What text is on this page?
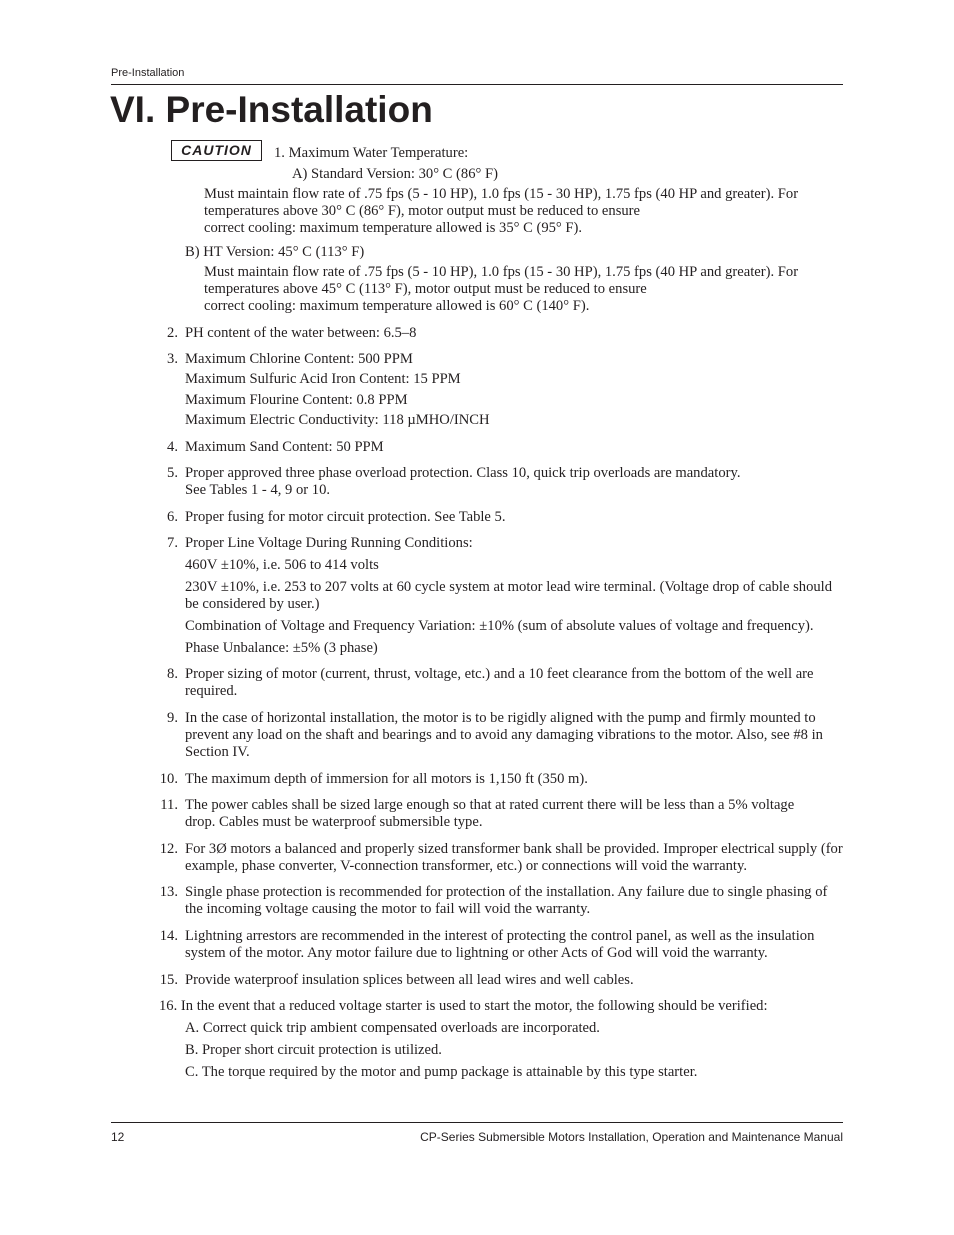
Pre-Installation
VI. Pre-Installation
CAUTION	1. Maximum Water Temperature:
A) Standard Version: 30° C (86° F)
Must maintain flow rate of .75 fps (5 - 10 HP), 1.0 fps (15 - 30 HP), 1.75 fps (40 HP and greater). For temperatures above 30° C (86° F), motor output must be reduced to ensure
correct cooling: maximum temperature allowed is 35° C (95° F).
B) HT Version: 45° C (113° F)
Must maintain flow rate of .75 fps (5 - 10 HP), 1.0 fps (15 - 30 HP), 1.75 fps (40 HP and greater). For temperatures above 45° C (113° F), motor output must be reduced to ensure
correct cooling: maximum temperature allowed is 60° C (140° F).
2. PH content of the water between: 6.5–8
3. Maximum Chlorine Content: 500 PPM
Maximum Sulfuric Acid Iron Content: 15 PPM
Maximum Flourine Content: 0.8 PPM
Maximum Electric Conductivity: 118 µMHO/INCH
4. Maximum Sand Content: 50 PPM
5. Proper approved three phase overload protection. Class 10, quick trip overloads are mandatory.
See Tables 1 - 4, 9 or 10.
6. Proper fusing for motor circuit protection. See Table 5.
7. Proper Line Voltage During Running Conditions:
460V ±10%, i.e. 506 to 414 volts
230V ±10%, i.e. 253 to 207 volts at 60 cycle system at motor lead wire terminal. (Voltage drop of cable should be considered by user.)
Combination of Voltage and Frequency Variation: ±10% (sum of absolute values of voltage and frequency).
Phase Unbalance: ±5% (3 phase)
8. Proper sizing of motor (current, thrust, voltage, etc.) and a 10 feet clearance from the bottom of the well are required.
9. In the case of horizontal installation, the motor is to be rigidly aligned with the pump and firmly mounted to prevent any load on the shaft and bearings and to avoid any damaging vibrations to the motor. Also, see #8 in Section IV.
10. The maximum depth of immersion for all motors is 1,150 ft (350 m).
11. The power cables shall be sized large enough so that at rated current there will be less than a 5% voltage drop. Cables must be waterproof submersible type.
12. For 3Ø motors a balanced and properly sized transformer bank shall be provided. Improper electrical supply (for example, phase converter, V-connection transformer, etc.) or connections will void the warranty.
13. Single phase protection is recommended for protection of the installation. Any failure due to single phasing of the incoming voltage causing the motor to fail will void the warranty.
14. Lightning arrestors are recommended in the interest of protecting the control panel, as well as the insulation system of the motor. Any motor failure due to lightning or other Acts of God will void the warranty.
15. Provide waterproof insulation splices between all lead wires and well cables.
16. In the event that a reduced voltage starter is used to start the motor, the following should be verified:
A. Correct quick trip ambient compensated overloads are incorporated.
B. Proper short circuit protection is utilized.
C. The torque required by the motor and pump package is attainable by this type starter.
12	CP-Series Submersible Motors Installation, Operation and Maintenance Manual
